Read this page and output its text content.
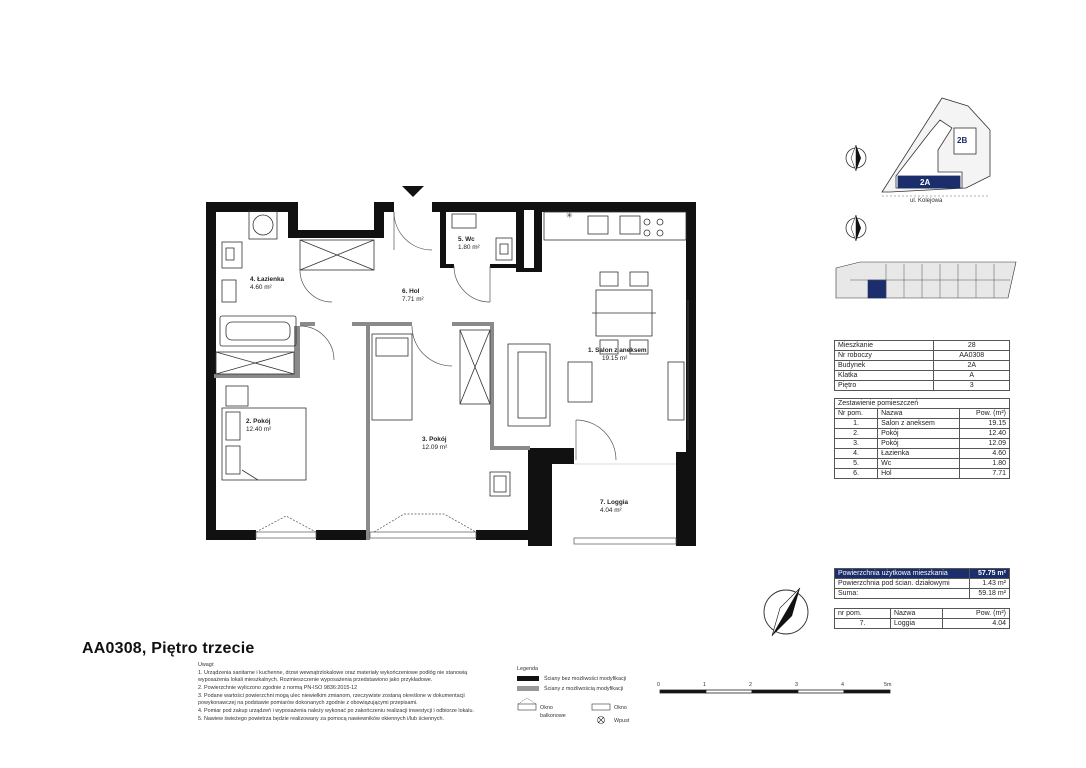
✳
1. Salon z aneksem
19.15 m²
2. Pokój
12.40 m²
3. Pokój
12.09 m²
4. Łazienka
4.60 m²
5. Wc
1.80 m²
6. Hol
7.71 m²
7. Loggia
4.04 m²
2A
2B
ul. Kolejowa
Mieszkanie	28
Nr roboczy	AA0308
Budynek	2A
Klatka	A
Piętro	3
Zestawienie pomieszczeń		
Nr pom.	Nazwa	Pow. (m²)
1.	Salon z aneksem	19.15
2.	Pokój	12.40
3.	Pokój	12.09
4.	Łazienka	4.60
5.	Wc	1.80
6.	Hol	7.71
Powierzchnia użytkowa mieszkania	57.75 m²
Powierzchnia pod ścian. działowymi	1.43 m²
Suma:	59.18 m²
nr pom.	Nazwa	Pow. (m²)
7.	Loggia	4.04
AA0308, Piętro trzecie
Uwagi:
1. Urządzenia sanitarne i kuchenne, drzwi wewnątrzlokalowe oraz materiały wykończeniowe podłóg nie stanowią
wyposażenia lokali mieszkalnych. Rozmieszczenie wyposażenia przedstawiono jako przykładowe.
2. Powierzchnie wyliczono zgodnie z normą PN-ISO 9836:2015-12
3. Podane wartości powierzchni mogą ulec niewielkim zmianom, rzeczywiste zostaną określone w dokumentacji
powykonawczej na podstawie pomiarów dokonanych zgodnie z obowiązującymi przepisami.
4. Pomiar pod zakup urządzeń i wyposażenia należy wykonać po zakończeniu realizacji inwestycji i odbiorze lokalu.
5. Nawiew świeżego powietrza będzie realizowany za pomocą nawiewników okiennych i/lub ściennych.
Legenda
Ściany bez możliwości modyfikacji
Ściany z możliwością modyfikacji
Okno balkonowe
Okno
Wpust
0	1	2	3	4	5m
